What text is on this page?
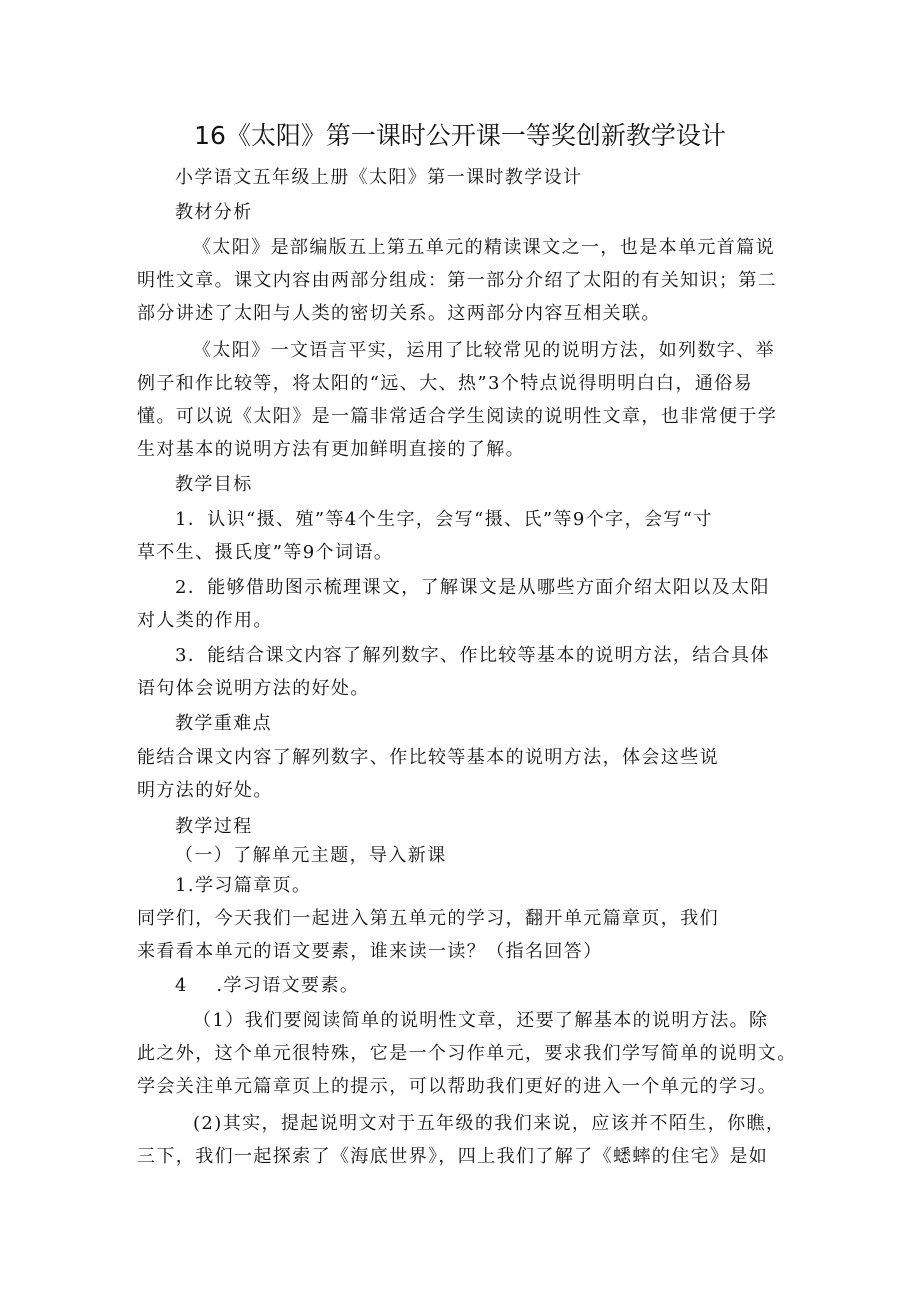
16《太阳》第一课时公开课一等奖创新教学设计
小学语文五年级上册《太阳》第一课时教学设计
教材分析
《太阳》是部编版五上第五单元的精读课文之一，也是本单元首篇说
明性文章。课文内容由两部分组成：第一部分介绍了太阳的有关知识；第二
部分讲述了太阳与人类的密切关系。这两部分内容互相关联。
《太阳》一文语言平实，运用了比较常见的说明方法，如列数字、举
例子和作比较等，将太阳的“远、大、热”3个特点说得明明白白，通俗易
懂。可以说《太阳》是一篇非常适合学生阅读的说明性文章，也非常便于学
生对基本的说明方法有更加鲜明直接的了解。
教学目标
1．认识“摄、殖”等4个生字，会写“摄、氏”等9个字，会写“寸
草不生、摄氏度”等9个词语。
2．能够借助图示梳理课文，了解课文是从哪些方面介绍太阳以及太阳
对人类的作用。
3．能结合课文内容了解列数字、作比较等基本的说明方法，结合具体
语句体会说明方法的好处。
教学重难点
能结合课文内容了解列数字、作比较等基本的说明方法，体会这些说
明方法的好处。
教学过程
（一）了解单元主题，导入新课
1.学习篇章页。
同学们，今天我们一起进入第五单元的学习，翻开单元篇章页，我们
来看看本单元的语文要素，谁来读一读？（指名回答）
4    .学习语文要素。
（1）我们要阅读简单的说明性文章，还要了解基本的说明方法。除
此之外，这个单元很特殊，它是一个习作单元，要求我们学写简单的说明文。
学会关注单元篇章页上的提示，可以帮助我们更好的进入一个单元的学习。
(2)其实，提起说明文对于五年级的我们来说，应该并不陌生，你瞧，
三下，我们一起探索了《海底世界》，四上我们了解了《蟋蟀的住宅》是如
